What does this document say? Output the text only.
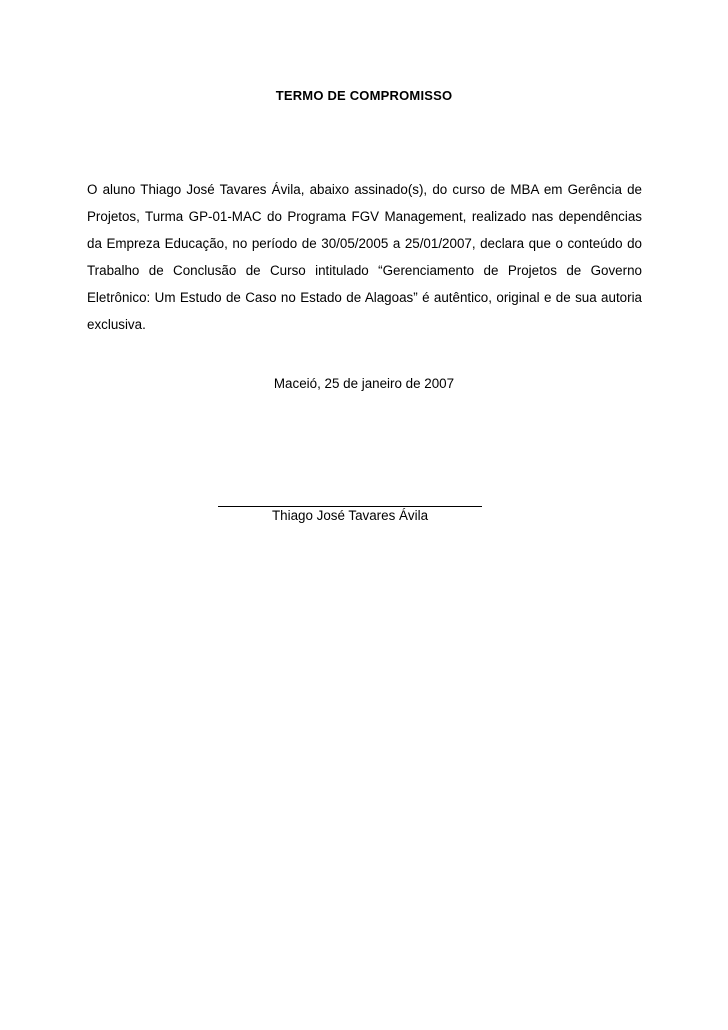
TERMO DE COMPROMISSO

O aluno Thiago José Tavares Ávila, abaixo assinado(s), do curso de MBA em Gerência de Projetos, Turma GP-01-MAC do Programa FGV Management, realizado nas dependências da Empreza Educação, no período de 30/05/2005 a 25/01/2007, declara que o conteúdo do Trabalho de Conclusão de Curso intitulado “Gerenciamento de Projetos de Governo Eletrônico: Um Estudo de Caso no Estado de Alagoas” é autêntico, original e de sua autoria exclusiva.

Maceió, 25 de janeiro de 2007
Thiago José Tavares Ávila
